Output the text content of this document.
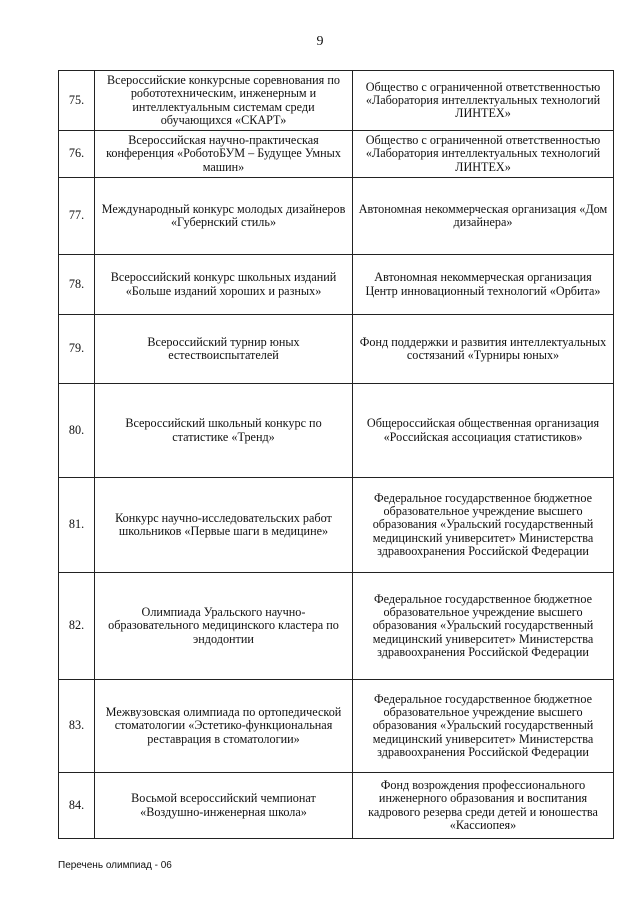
9
75.	Всероссийские конкурсные соревнования по робототехническим, инженерным и интеллектуальным системам среди обучающихся «СКАРТ»	Общество с ограниченной ответственностью «Лаборатория интеллектуальных технологий ЛИНТЕХ»
76.	Всероссийская научно-практическая конференция «РоботоБУМ – Будущее Умных машин»	Общество с ограниченной ответственностью «Лаборатория интеллектуальных технологий ЛИНТЕХ»
77.	Международный конкурс молодых дизайнеров «Губернский стиль»	Автономная некоммерческая организация «Дом дизайнера»
78.	Всероссийский конкурс школьных изданий «Больше изданий хороших и разных»	Автономная некоммерческая организация Центр инновационный технологий «Орбита»
79.	Всероссийский турнир юных естествоиспытателей	Фонд поддержки и развития интеллектуальных состязаний «Турниры юных»
80.	Всероссийский школьный конкурс по статистике «Тренд»	Общероссийская общественная организация «Российская ассоциация статистиков»
81.	Конкурс научно-исследовательских работ школьников «Первые шаги в медицине»	Федеральное государственное бюджетное образовательное учреждение высшего образования «Уральский государственный медицинский университет» Министерства здравоохранения Российской Федерации
82.	Олимпиада Уральского научно-образовательного медицинского кластера по эндодонтии	Федеральное государственное бюджетное образовательное учреждение высшего образования «Уральский государственный медицинский университет» Министерства здравоохранения Российской Федерации
83.	Межвузовская олимпиада по ортопедической стоматологии «Эстетико-функциональная реставрация в стоматологии»	Федеральное государственное бюджетное образовательное учреждение высшего образования «Уральский государственный медицинский университет» Министерства здравоохранения Российской Федерации
84.	Восьмой всероссийский чемпионат «Воздушно-инженерная школа»	Фонд возрождения профессионального инженерного образования и воспитания кадрового резерва среди детей и юношества «Кассиопея»
Перечень олимпиад - 06
